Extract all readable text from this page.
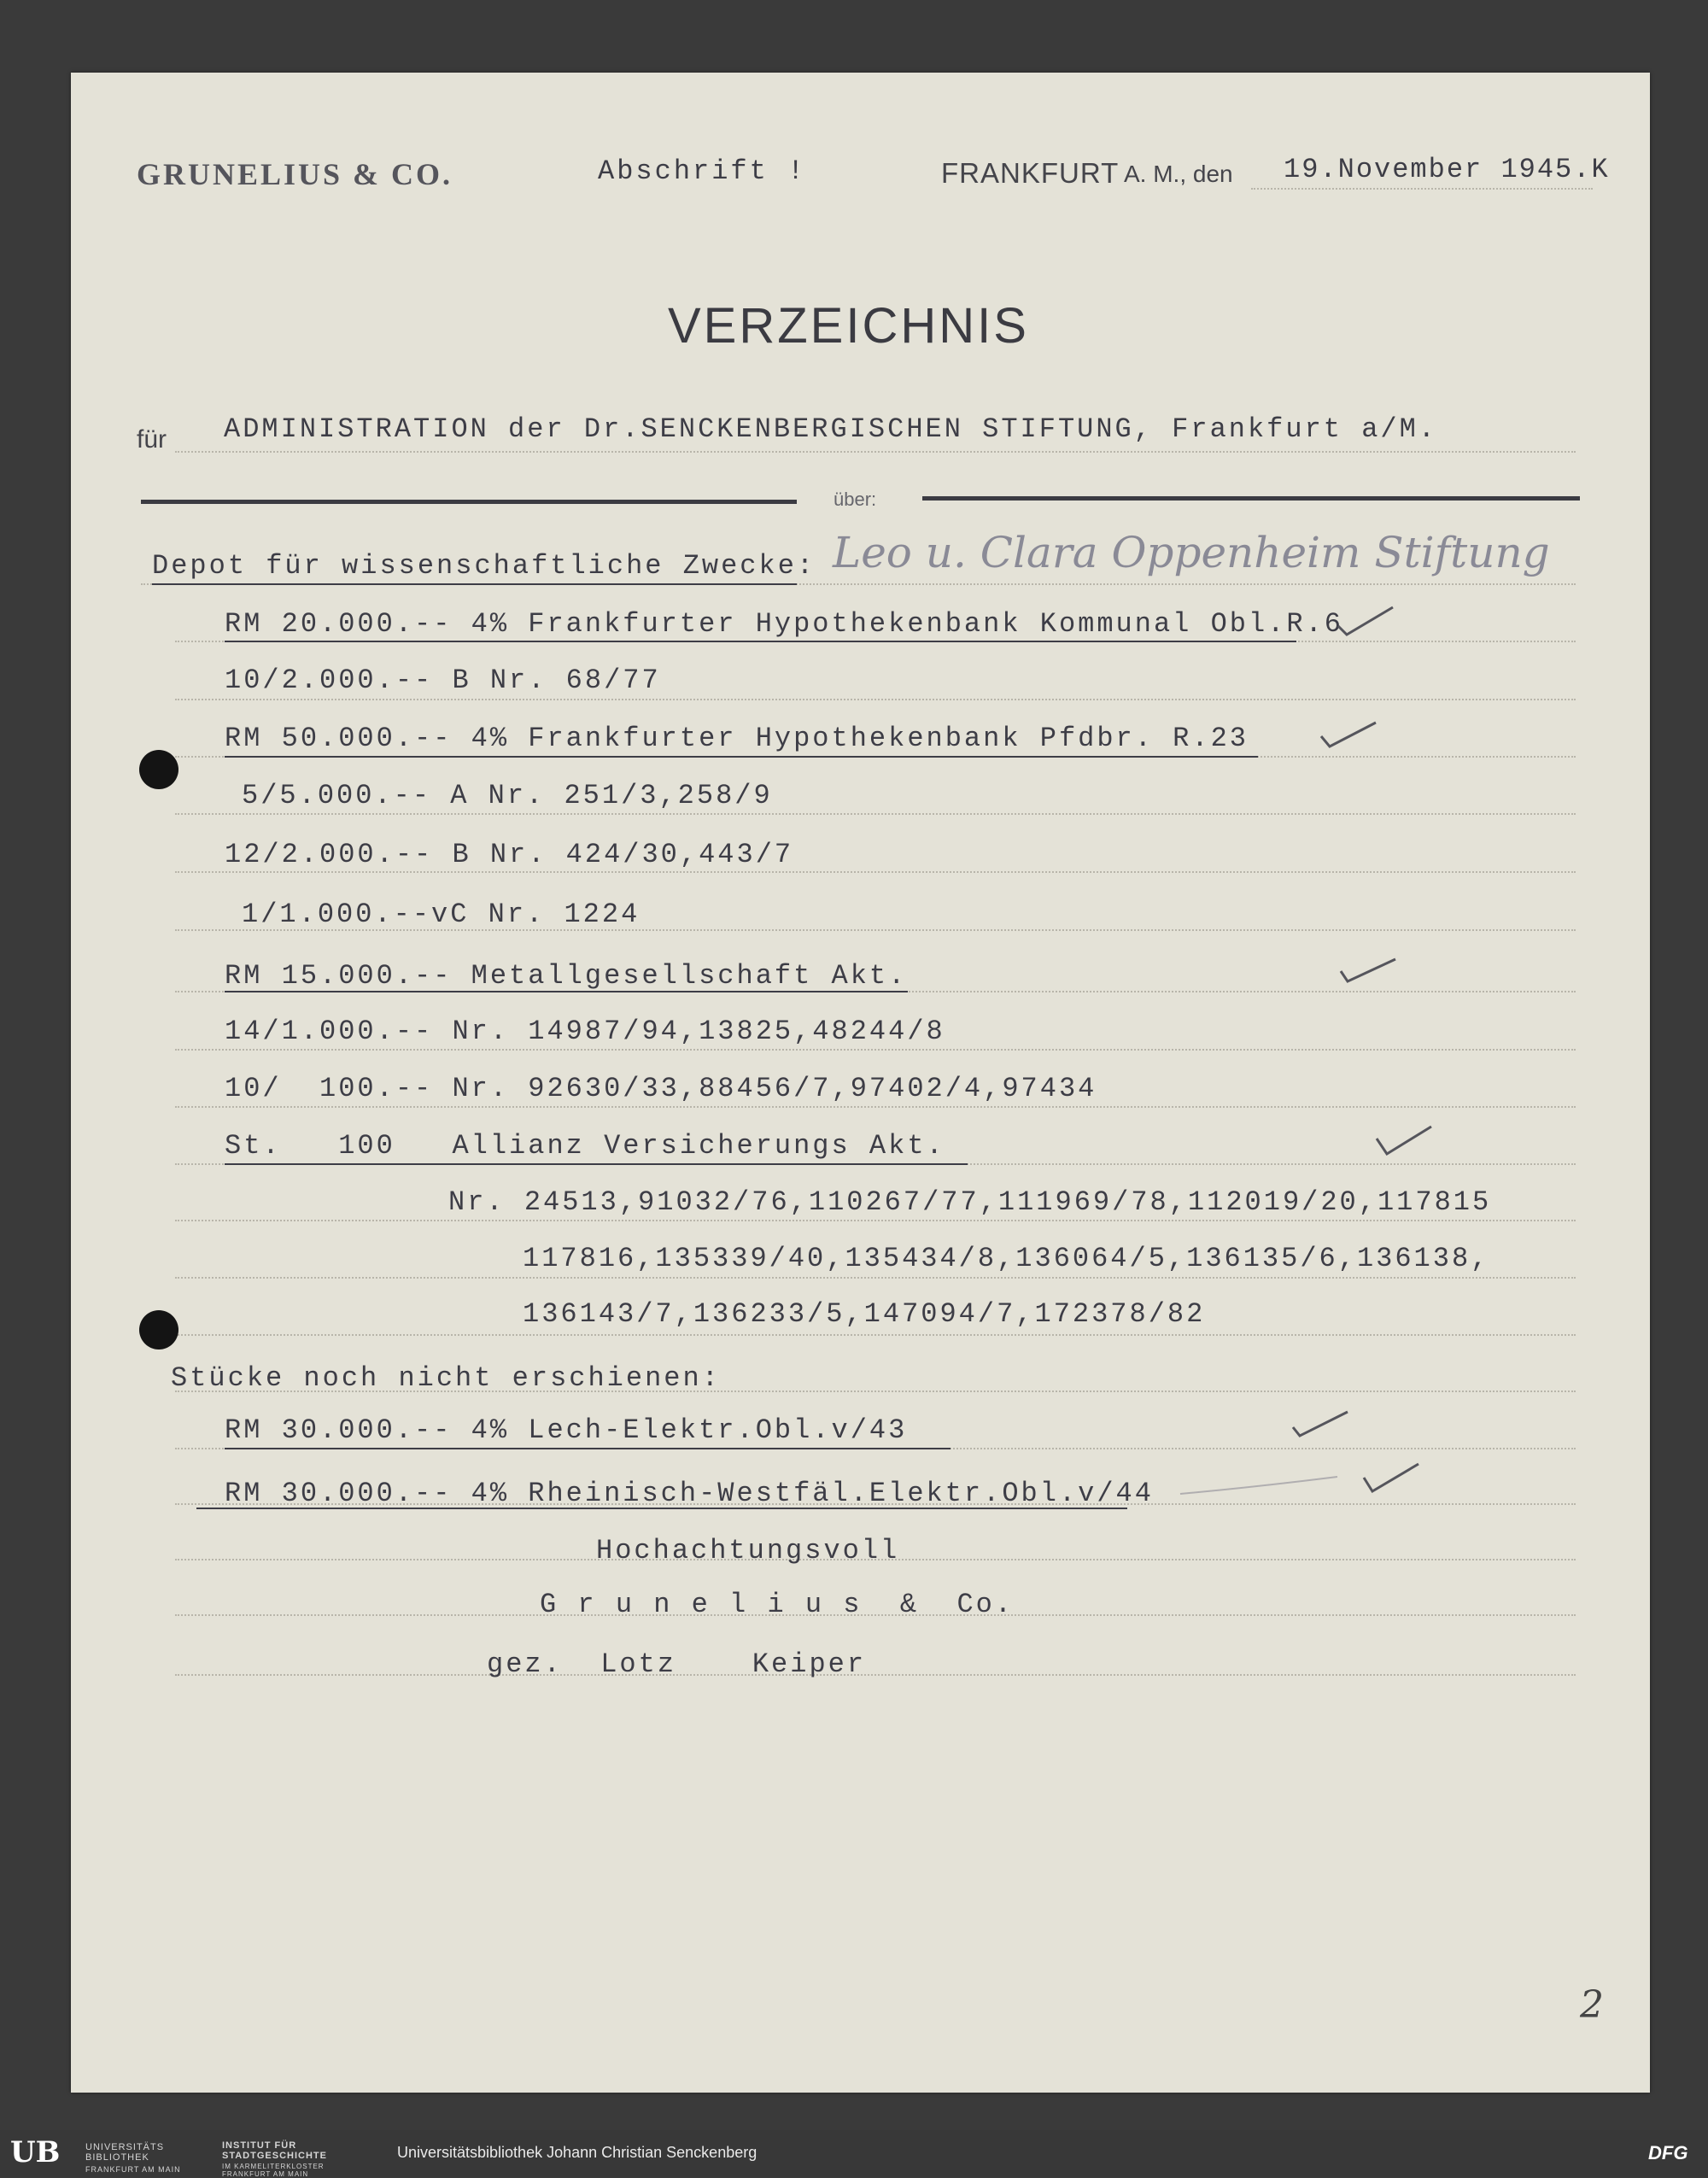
GRUNELIUS & CO.	Abschrift !	FRANKFURT A. M., den 19.November 1945.K
VERZEICHNIS
für ADMINISTRATION der Dr.SENCKENBERGISCHEN STIFTUNG, Frankfurt a/M.
über:
Depot für wissenschaftliche Zwecke: Leo u. Clara Oppenheim Stiftung
RM 20.000.-- 4% Frankfurter Hypothekenbank Kommunal Obl.R.6
10/2.000.-- B Nr. 68/77
RM 50.000.-- 4% Frankfurter Hypothekenbank Pfdbr. R.23
5/5.000.-- A Nr. 251/3,258/9
12/2.000.-- B Nr. 424/30,443/7
1/1.000.--vC Nr. 1224
RM 15.000.-- Metallgesellschaft Akt.
14/1.000.-- Nr. 14987/94,13825,48244/8
10/  100.-- Nr. 92630/33,88456/7,97402/4,97434
St.   100   Allianz Versicherungs Akt.
Nr. 24513,91032/76,110267/77,111969/78,112019/20,117815
117816,135339/40,135434/8,136064/5,136135/6,136138,
136143/7,136233/5,147094/7,172378/82
Stücke noch nicht erschienen:
RM 30.000.-- 4% Lech-Elektr.Obl.v/43
RM 30.000.-- 4% Rheinisch-Westfäl.Elektr.Obl.v/44
Hochachtungsvoll
G r u n e l i u s  &  Co.
gez.  Lotz    Keiper
2
UB	UNIVERSITÄTS BIBLIOTHEK
FRANKFURT AM MAIN
INSTITUT FÜR STADTGESCHICHTE
IM KARMELITERKLOSTER FRANKFURT AM MAIN
Universitätsbibliothek Johann Christian Senckenberg	DFG
